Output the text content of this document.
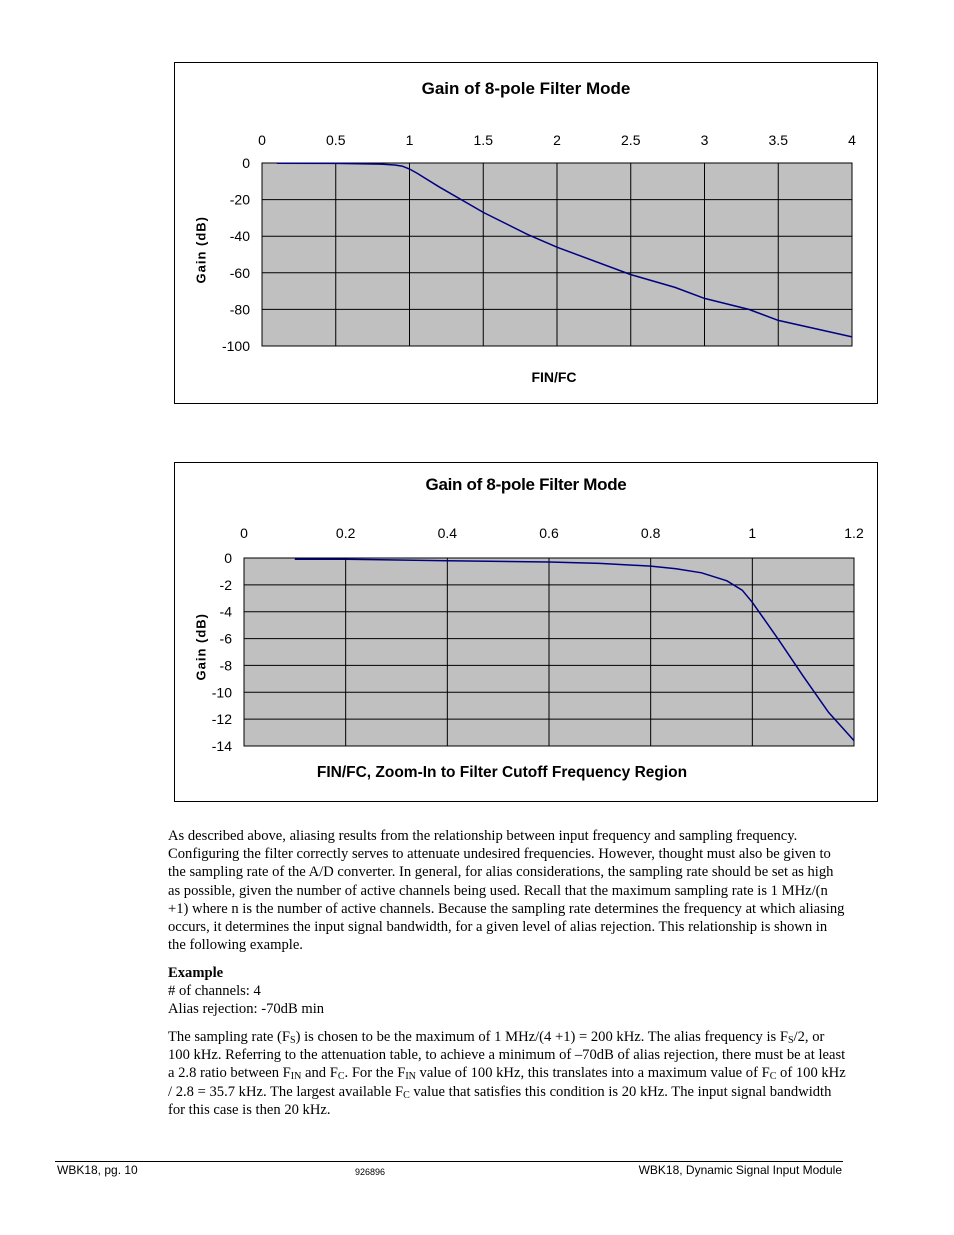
0	0.5	1	1.5	2	2.5	3	3.5	4
0
-20
-40
-60
-80
-100
Gain of 8-pole Filter Mode
Gain (dB)
FIN/FC
0	0.2	0.4	0.6	0.8	1	1.2
0
-2
-4
-6
-8
-10
-12
-14
Gain of 8-pole Filter Mode
Gain (dB)
FIN/FC, Zoom-In to Filter Cutoff Frequency Region
As described above, aliasing results from the relationship between input frequency and sampling frequency. Configuring the filter correctly serves to attenuate undesired frequencies. However, thought must also be given to the sampling rate of the A/D converter. In general, for alias considerations, the sampling rate should be set as high as possible, given the number of active channels being used. Recall that the maximum sampling rate is 1 MHz/(n +1) where n is the number of active channels. Because the sampling rate determines the frequency at which aliasing occurs, it determines the input signal bandwidth, for a given level of alias rejection. This relationship is shown in the following example.
Example
# of channels: 4
Alias rejection: -70dB min
The sampling rate $(F_S)$ is chosen to be the maximum of 1 MHz/(4 +1) = 200 kHz. The alias frequency is $F_S/2$, or 100 kHz. Referring to the attenuation table, to achieve a minimum of –70dB of alias rejection, there must be at least a 2.8 ratio between $F_{IN}$ and $F_C$. For the $F_{IN}$ value of 100 kHz, this translates into a maximum value of $F_C$ of 100 kHz / 2.8 = 35.7 kHz. The largest available $F_C$ value that satisfies this condition is 20 kHz. The input signal bandwidth for this case is then 20 kHz.
WBK18, pg. 10	926896	WBK18, Dynamic Signal Input Module
